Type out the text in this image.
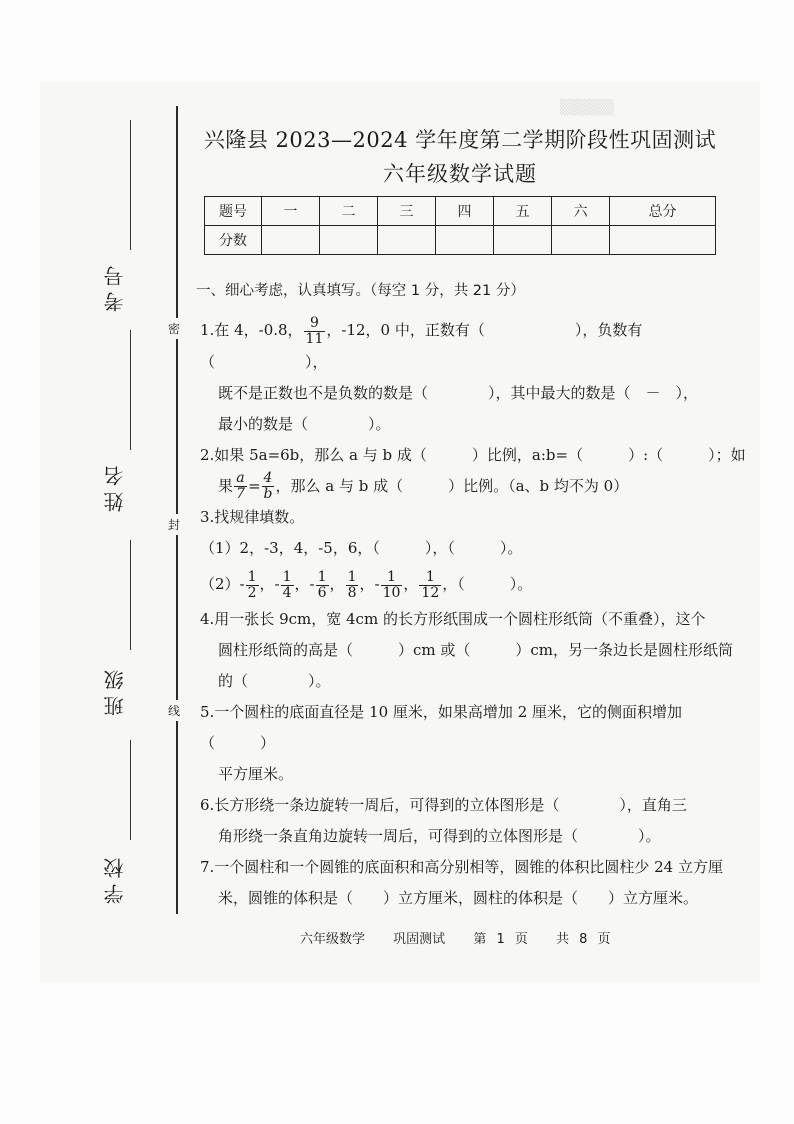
▒▒▒▒▒
密
封
线
考号
姓名
班级
学校
兴隆县 2023—2024 学年度第二学期阶段性巩固测试
六年级数学试题
题号	一	二	三	四	五	六	总分
分数							
一、细心考虑，认真填写。（每空 1 分，共 21 分）
1.在 4，-0.8， $\frac{9}{11}$ ，-12，0 中，正数有（　　　　　　），负数有（　　　　　　），
既不是正数也不是负数的数是（　　　　），其中最大的数是（　－　），
最小的数是（　　　　）。
2.如果 5a=6b，那么 a 与 b 成（　　　）比例，a:b=（　　　）:（　　　）；如
果 $\frac{a}{7} = \frac{4}{b}$ ，那么 a 与 b 成（　　　）比例。（a、b 均不为 0）
3.找规律填数。
（1）2，-3，4，-5，6，（　　　），（　　　）。
$(2)- \frac{1}{2}$ ，- $\frac{1}{4}$ ，- $\frac{1}{6}$ ， $\frac{1}{8}$ ，- $\frac{1}{10}$ ， $\frac{1}{12}$ ，（　　　）。
4.用一张长 9cm，宽 4cm 的长方形纸围成一个圆柱形纸筒（不重叠），这个
圆柱形纸筒的高是（　　　）cm 或（　　　）cm，另一条边长是圆柱形纸筒
的（　　　　）。
5.一个圆柱的底面直径是 10 厘米，如果高增加 2 厘米，它的侧面积增加（　　　）
平方厘米。
6.长方形绕一条边旋转一周后，可得到的立体图形是（　　　　），直角三
角形绕一条直角边旋转一周后，可得到的立体图形是（　　　　）。
7.一个圆柱和一个圆锥的底面积和高分别相等，圆锥的体积比圆柱少 24 立方厘
米，圆锥的体积是（　　）立方厘米，圆柱的体积是（　　）立方厘米。
六年级数学 巩固测试 第 1 页 共 8 页
